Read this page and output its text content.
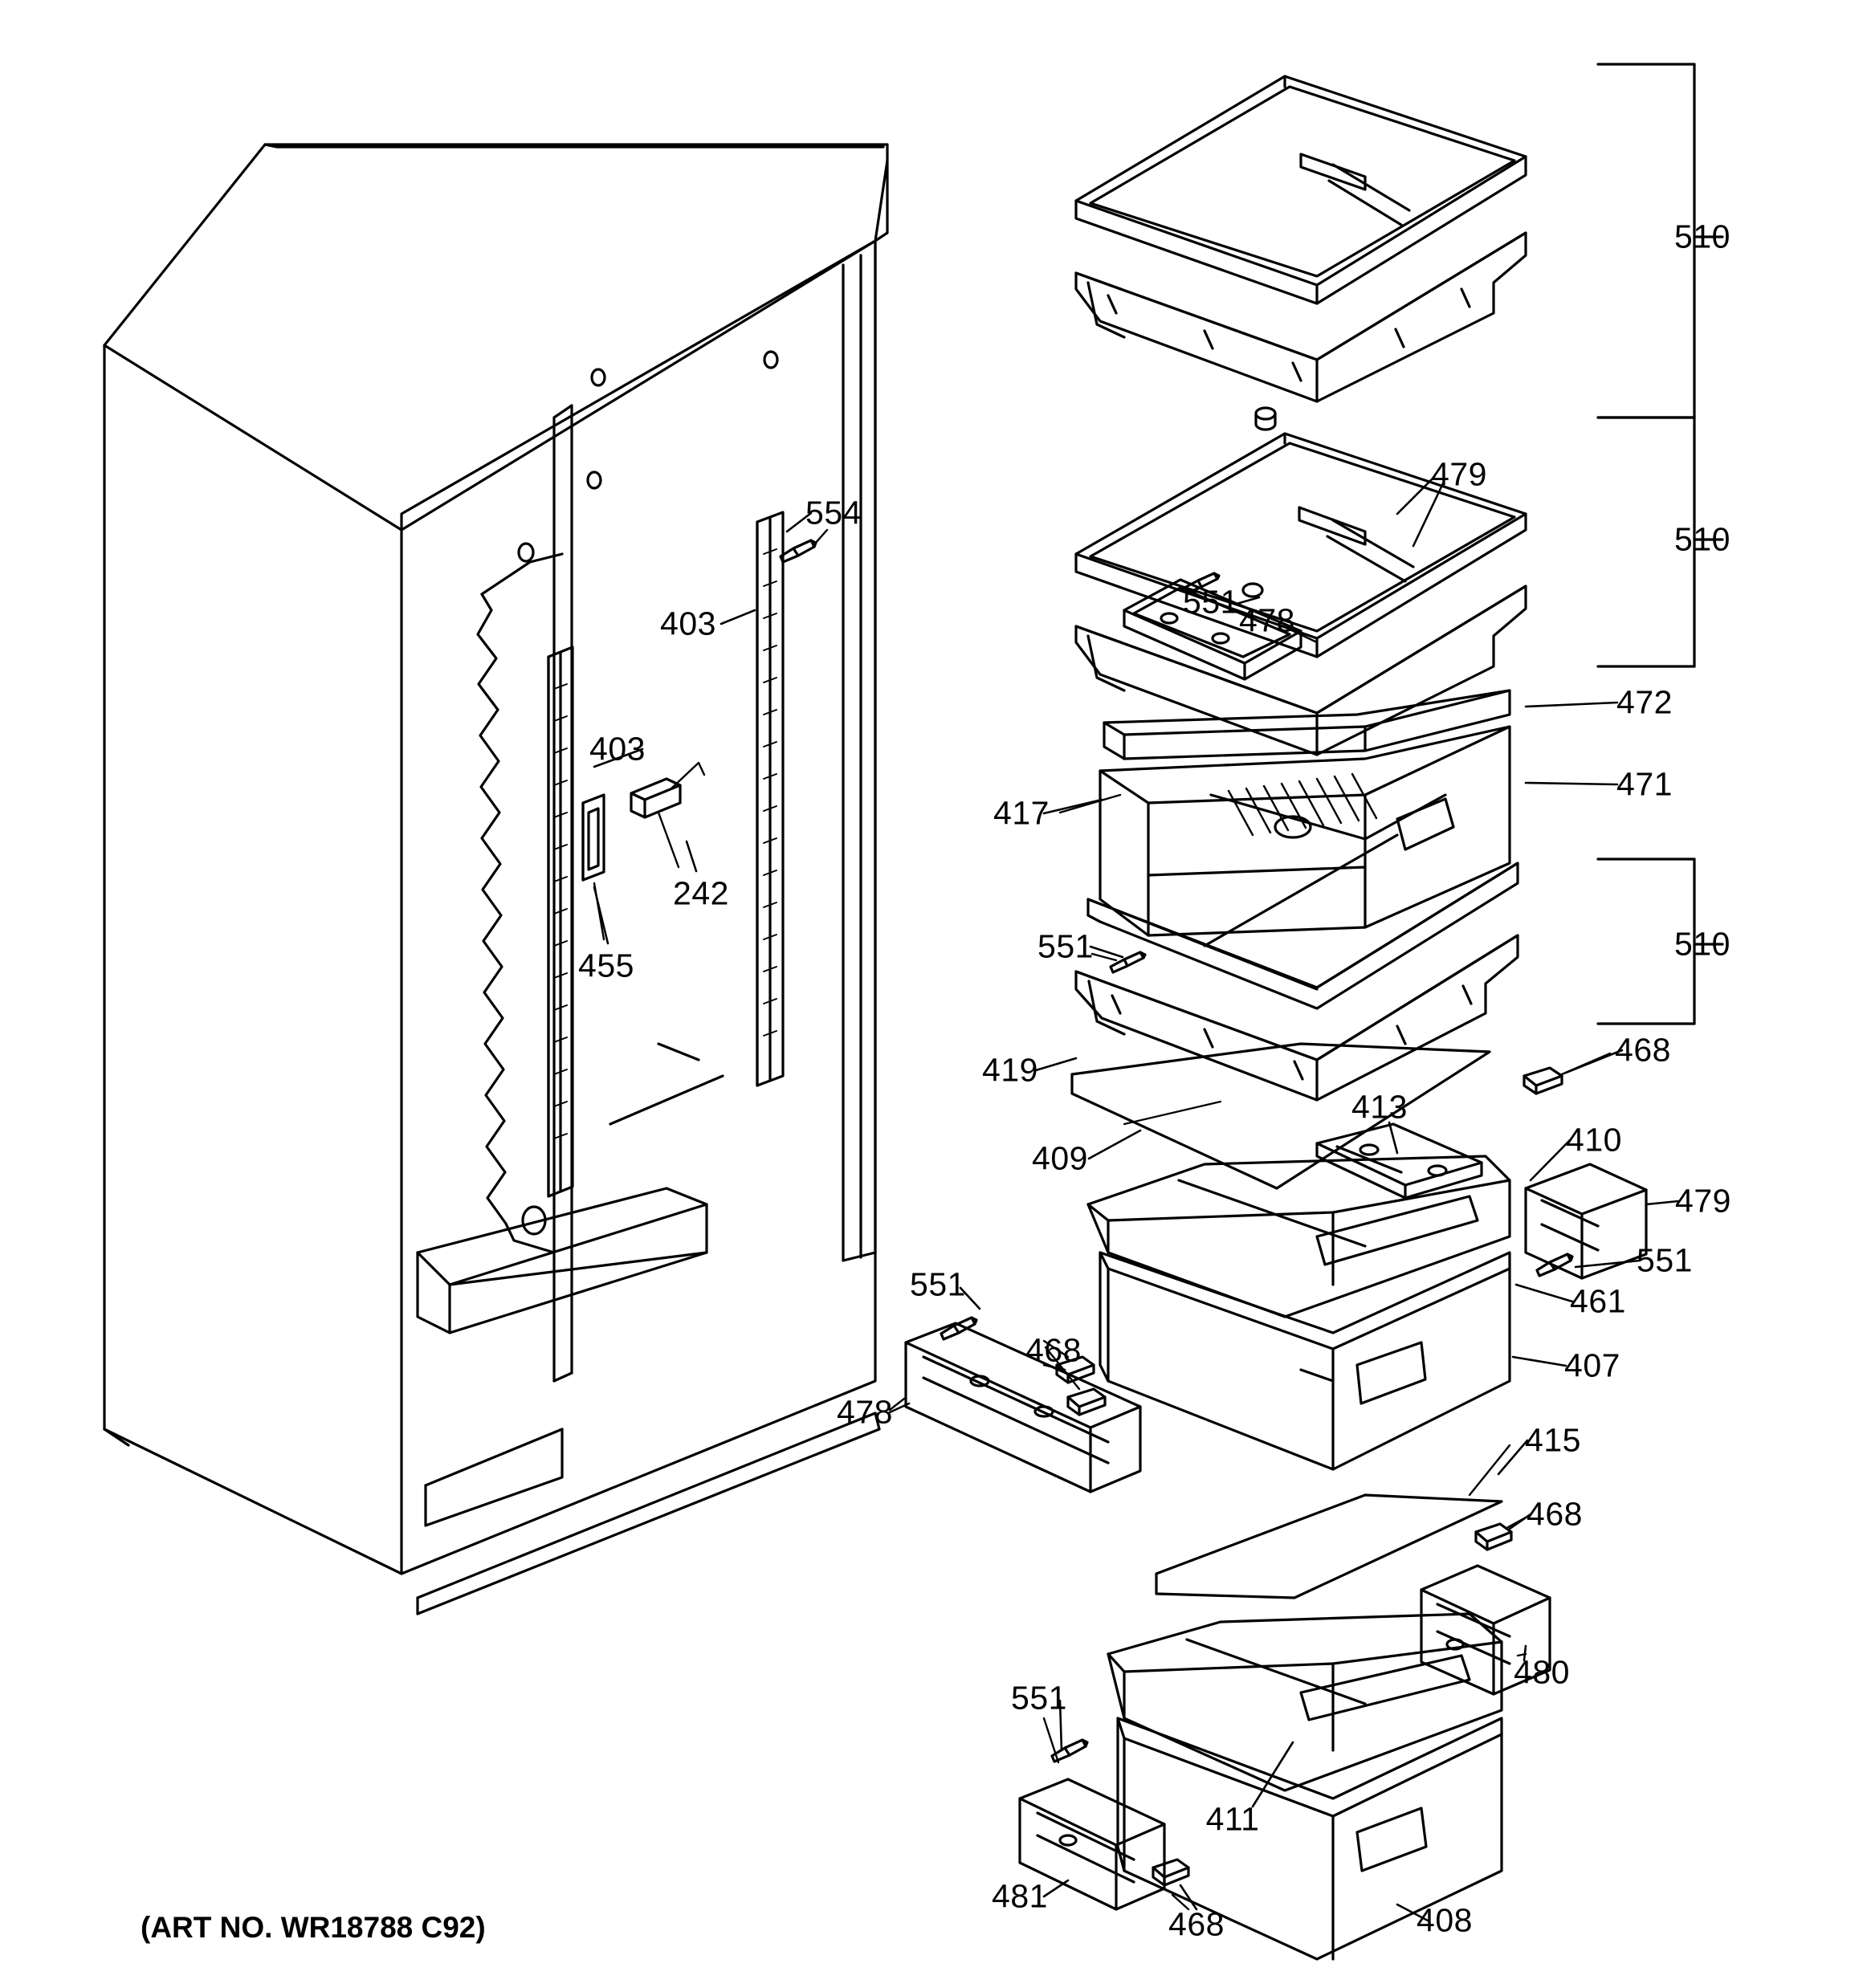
510
510
510
554
403
403
242
455
479
551 478
472
471
417
551
419
409
413
468
410
479
551
461
407
551
468
478
415
468
480
551
411
481
468	408
(ART NO. WR18788 C92)
